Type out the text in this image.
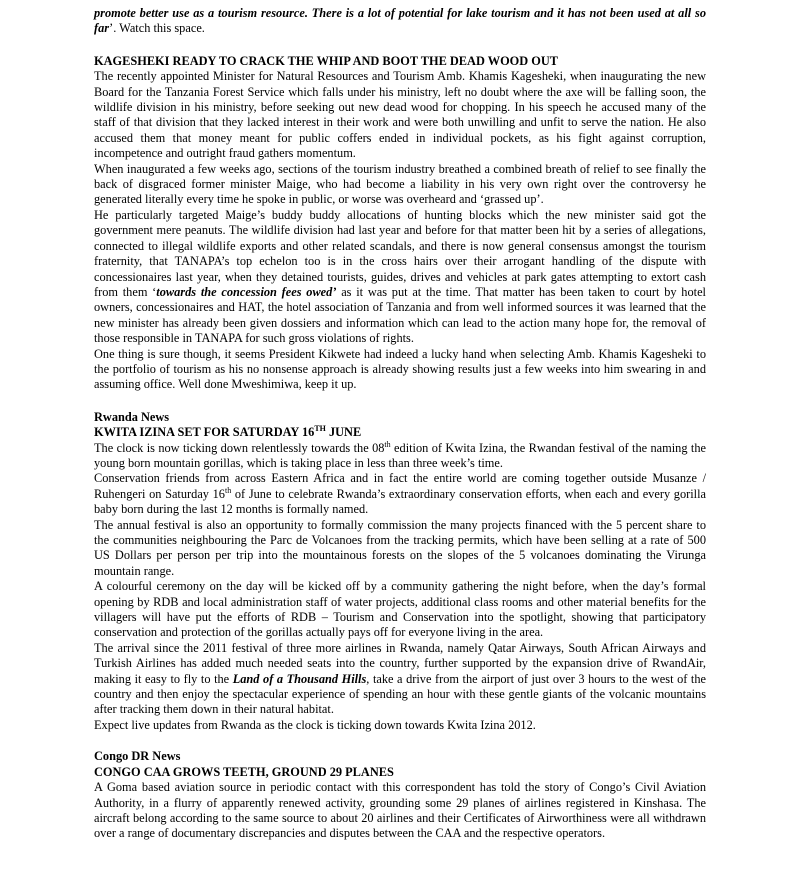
promote better use as a tourism resource. There is a lot of potential for lake tourism and it has not been used at all so far’. Watch this space.

KAGESHEKI READY TO CRACK THE WHIP AND BOOT THE DEAD WOOD OUT

The recently appointed Minister for Natural Resources and Tourism Amb. Khamis Kagesheki, when inaugurating the new Board for the Tanzania Forest Service which falls under his ministry, left no doubt where the axe will be falling soon, the wildlife division in his ministry, before seeking out new dead wood for chopping. In his speech he accused many of the staff of that division that they lacked interest in their work and were both unwilling and unfit to serve the nation. He also accused them that money meant for public coffers ended in individual pockets, as his fight against corruption, incompetence and outright fraud gathers momentum.

When inaugurated a few weeks ago, sections of the tourism industry breathed a combined breath of relief to see finally the back of disgraced former minister Maige, who had become a liability in his very own right over the controversy he generated literally every time he spoke in public, or worse was overheard and ‘grassed up’.

He particularly targeted Maige’s buddy buddy allocations of hunting blocks which the new minister said got the government mere peanuts. The wildlife division had last year and before for that matter been hit by a series of allegations, connected to illegal wildlife exports and other related scandals, and there is now general consensus amongst the tourism fraternity, that TANAPA’s top echelon too is in the cross hairs over their arrogant handling of the dispute with concessionaires last year, when they detained tourists, guides, drives and vehicles at park gates attempting to extort cash from them ‘towards the concession fees owed’ as it was put at the time. That matter has been taken to court by hotel owners, concessionaires and HAT, the hotel association of Tanzania and from well informed sources it was learned that the new minister has already been given dossiers and information which can lead to the action many hope for, the removal of those responsible in TANAPA for such gross violations of rights.

One thing is sure though, it seems President Kikwete had indeed a lucky hand when selecting Amb. Khamis Kagesheki to the portfolio of tourism as his no nonsense approach is already showing results just a few weeks into him swearing in and assuming office. Well done Mweshimiwa, keep it up.

Rwanda News
KWITA IZINA SET FOR SATURDAY 16TH JUNE

The clock is now ticking down relentlessly towards the 08th edition of Kwita Izina, the Rwandan festival of the naming the young born mountain gorillas, which is taking place in less than three week’s time.

Conservation friends from across Eastern Africa and in fact the entire world are coming together outside Musanze / Ruhengeri on Saturday 16th of June to celebrate Rwanda’s extraordinary conservation efforts, when each and every gorilla baby born during the last 12 months is formally named.

The annual festival is also an opportunity to formally commission the many projects financed with the 5 percent share to the communities neighbouring the Parc de Volcanoes from the tracking permits, which have been selling at a rate of 500 US Dollars per person per trip into the mountainous forests on the slopes of the 5 volcanoes dominating the Virunga mountain range.

A colourful ceremony on the day will be kicked off by a community gathering the night before, when the day’s formal opening by RDB and local administration staff of water projects, additional class rooms and other material benefits for the villagers will have put the efforts of RDB – Tourism and Conservation into the spotlight, showing that participatory conservation and protection of the gorillas actually pays off for everyone living in the area.

The arrival since the 2011 festival of three more airlines in Rwanda, namely Qatar Airways, South African Airways and Turkish Airlines has added much needed seats into the country, further supported by the expansion drive of RwandAir, making it easy to fly to the Land of a Thousand Hills, take a drive from the airport of just over 3 hours to the west of the country and then enjoy the spectacular experience of spending an hour with these gentle giants of the volcanic mountains after tracking them down in their natural habitat.

Expect live updates from Rwanda as the clock is ticking down towards Kwita Izina 2012.

Congo DR News
CONGO CAA GROWS TEETH, GROUND 29 PLANES

A Goma based aviation source in periodic contact with this correspondent has told the story of Congo’s Civil Aviation Authority, in a flurry of apparently renewed activity, grounding some 29 planes of airlines registered in Kinshasa. The aircraft belong according to the same source to about 20 airlines and their Certificates of Airworthiness were all withdrawn over a range of documentary discrepancies and disputes between the CAA and the respective operators.
